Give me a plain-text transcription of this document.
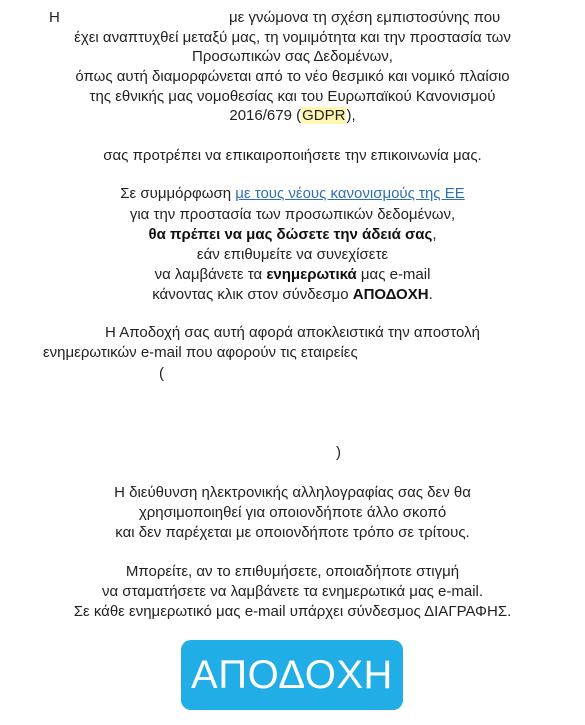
Η	με γνώμονα τη σχέση εμπιστοσύνης που
έχει αναπτυχθεί μεταξύ μας, τη νομιμότητα και την προστασία των
Προσωπικών σας Δεδομένων,
όπως αυτή διαμορφώνεται από το νέο θεσμικό και νομικό πλαίσιο
της εθνικής μας νομοθεσίας και του Ευρωπαϊκού Κανονισμού
2016/679 (GDPR),
σας προτρέπει να επικαιροποιήσετε την επικοινωνία μας.
Σε συμμόρφωση με τους νέους κανονισμούς της ΕΕ
για την προστασία των προσωπικών δεδομένων,
θα πρέπει να μας δώσετε την άδειά σας,
εάν επιθυμείτε να συνεχίσετε
να λαμβάνετε τα ενημερωτικά μας e-mail
κάνοντας κλικ στον σύνδεσμο ΑΠΟΔΟΧΗ.
Η Αποδοχή σας αυτή αφορά αποκλειστικά την αποστολή
ενημερωτικών e-mail που αφορούν τις εταιρείες
(
)
Η διεύθυνση ηλεκτρονικής αλληλογραφίας σας δεν θα
χρησιμοποιηθεί για οποιονδήποτε άλλο σκοπό
και δεν παρέχεται με οποιονδήποτε τρόπο σε τρίτους.
Μπορείτε, αν το επιθυμήσετε, οποιαδήποτε στιγμή
να σταματήσετε να λαμβάνετε τα ενημερωτικά μας e-mail.
Σε κάθε ενημερωτικό μας e-mail υπάρχει σύνδεσμος ΔΙΑΓΡΑΦΗΣ.
ΑΠΟΔΟΧΗ
